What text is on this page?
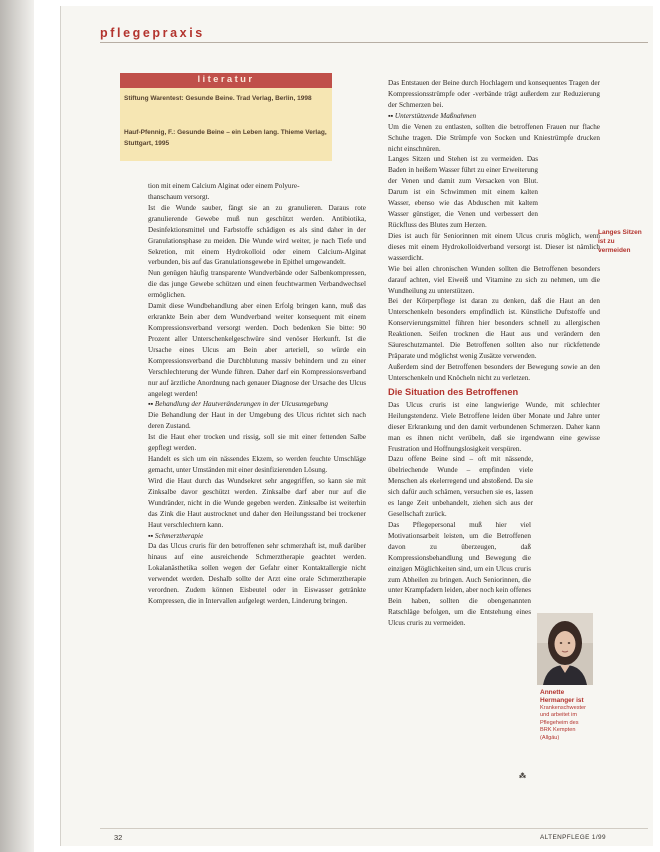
pflegepraxis
literatur
Stiftung Warentest: Gesunde Beine. Trad Verlag, Berlin, 1998
Hauf-Pfennig, F.: Gesunde Beine – ein Leben lang. Thieme Verlag, Stuttgart, 1995

tion mit einem Calcium Alginat oder einem Polyure-
thanschaum versorgt.

Ist die Wunde sauber, fängt sie an zu granulieren. Daraus rote granulierende Gewebe muß nun geschützt werden. Antibiotika, Desinfektionsmittel und Farbstoffe schädigen es als sind daher in der Granulationsphase zu meiden. Die Wunde wird weiter, je nach Tiefe und Sekretion, mit einem Hydrokolloid oder einem Calcium-Alginat verbunden, bis auf das Granulationsgewebe in Epithel umgewandelt.

Nun genügen häufig transparente Wundverbände oder Salbenkompressen, die das junge Gewebe schützen und einen feuchtwarmen Verbandwechsel ermöglichen.

Damit diese Wundbehandlung aber einen Erfolg bringen kann, muß das erkrankte Bein aber dem Wundverband weiter konsequent mit einem Kompressionsverband versorgt werden. Doch bedenken Sie bitte: 90 Prozent aller Unterschenkelgeschwüre sind venöser Herkunft. Ist die Ursache eines Ulcus am Bein aber arteriell, so würde ein Kompressionsverband die Durchblutung massiv behindern und zu einer Verschlechterung der Wunde führen. Daher darf ein Kompressionsverband nur auf ärztliche Anordnung nach genauer Diagnose der Ursache des Ulcus angelegt werden!

▪▪ Behandlung der Hautveränderungen in der Ulcusumgebung

Die Behandlung der Haut in der Umgebung des Ulcus richtet sich nach deren Zustand.

Ist die Haut eher trocken und rissig, soll sie mit einer fettenden Salbe gepflegt werden.

Handelt es sich um ein nässendes Ekzem, so werden feuchte Umschläge gemacht, unter Umständen mit einer desinfizierenden Lösung.

Wird die Haut durch das Wundsekret sehr angegriffen, so kann sie mit Zinksalbe davor geschützt werden. Zinksalbe darf aber nur auf die Wundränder, nicht in die Wunde gegeben werden. Zinksalbe ist weiterhin das Zink die Haut austrocknet und daher den Heilungsstand bei trockener Haut verschlechtern kann.

▪▪ Schmerztherapie

Da das Ulcus cruris für den betroffenen sehr schmerzhaft ist, muß darüber hinaus auf eine ausreichende Schmerztherapie geachtet werden. Lokalanästhetika sollen wegen der Gefahr einer Kontaktallergie nicht verwendet werden. Deshalb sollte der Arzt eine orale Schmerztherapie verordnen. Zudem können Eisbeutel oder in Eiswasser getränkte Kompressen, die in Intervallen aufgelegt werden, Linderung bringen.

Das Entstauen der Beine durch Hochlagern und konsequentes Tragen der Kompressionsstrümpfe oder -verbände trägt außerdem zur Reduzierung der Schmerzen bei.

▪▪ Unterstützende Maßnahmen

Um die Venen zu entlasten, sollten die betroffenen Frauen nur flache Schuhe tragen. Die Strümpfe von Socken und Kniestrümpfe drucken nicht einschnüren.

Langes Sitzen und Stehen ist zu vermeiden. Das Baden in heißem Wasser führt zu einer Erweiterung der Venen und damit zum Versacken von Blut. Darum ist ein Schwimmen mit einem kalten Wasser, ebenso wie das Abduschen mit kaltem Wasser günstiger, die Venen und verbessert den Rückfluss des Blutes zum Herzen.

Dies ist auch für Seniorinnen mit einem Ulcus cruris möglich, wenn dieses mit einem Hydrokolloidverband versorgt ist. Dieser ist nämlich wasserdicht.

Wie bei allen chronischen Wunden sollten die Betroffenen besonders darauf achten, viel Eiweiß und Vitamine zu sich zu nehmen, um die Wundheilung zu unterstützen.

Bei der Körperpflege ist daran zu denken, daß die Haut an den Unterschenkeln besonders empfindlich ist. Künstliche Duftstoffe und Konservierungsmittel führen hier besonders schnell zu allergischen Reaktionen. Seifen trocknen die Haut aus und verändern den Säureschutzmantel. Die Betroffenen sollten also nur rückfettende Präparate und möglichst wenig Zusätze verwenden.

Außerdem sind der Betroffenen besonders der Bewegung sowie an den Unterschenkeln und Knöcheln nicht zu verletzen.

Die Situation des Betroffenen

Das Ulcus cruris ist eine langwierige Wunde, mit schlechter Heilungstendenz. Viele Betroffene leiden über Monate und Jahre unter dieser Erkrankung und den damit verbundenen Schmerzen. Daher kann man es ihnen nicht verübeln, daß sie irgendwann eine gewisse Frustration und Hoffnungslosigkeit verspüren.

Dazu offene Beine sind – oft mit nässende, übelriechende Wunde – empfinden viele Menschen als ekelerregend und abstoßend. Da sie sich dafür auch schämen, versuchen sie es, lassen es lange Zeit unbehandelt, ziehen sich aus der Gesellschaft zurück.

Das Pflegepersonal muß hier viel Motivationsarbeit leisten, um die Betroffenen davon zu überzeugen, daß Kompressionsbehandlung und Bewegung die einzigen Möglichkeiten sind, um ein Ulcus cruris zum Abheilen zu bringen. Auch Seniorinnen, die unter Krampfadern leiden, aber noch kein offenes Bein haben, sollten die obengenannten Ratschläge befolgen, um die Entstehung eines Ulcus cruris zu vermeiden.

Langes Sitzen ist zu vermeiden
Annette Hermanger ist
Krankenschwester und arbeitet im Pflegeheim des BRK Kempten (Allgäu)
⁂
32	ALTENPFLEGE 1/99
